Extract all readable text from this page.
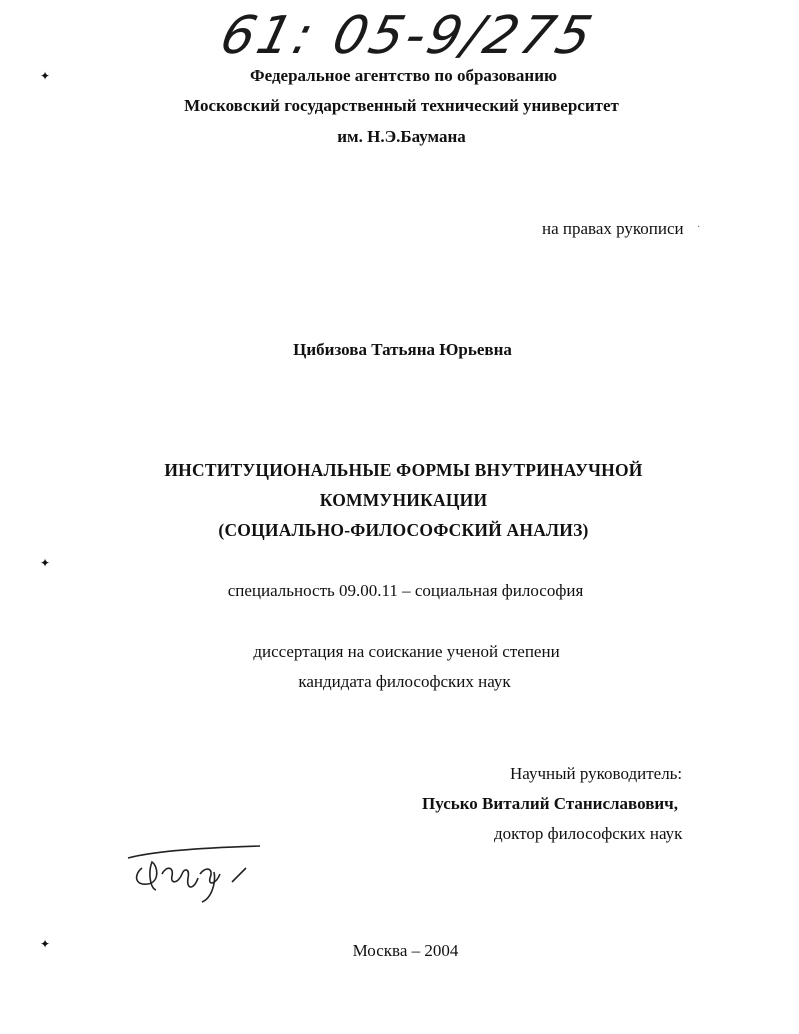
61: 05-9/275
✦
✦
✦
Федеральное агентство по образованию
Московский государственный технический университет
им. Н.Э.Баумана
на правах рукописи ·
Цибизова Татьяна Юрьевна
ИНСТИТУЦИОНАЛЬНЫЕ ФОРМЫ ВНУТРИНАУЧНОЙ
КОММУНИКАЦИИ
(СОЦИАЛЬНО-ФИЛОСОФСКИЙ АНАЛИЗ)
специальность 09.00.11 – социальная философия
диссертация на соискание ученой степени
кандидата философских наук
Научный руководитель:
Пусько Виталий Станиславович,
доктор философских наук
Москва – 2004
